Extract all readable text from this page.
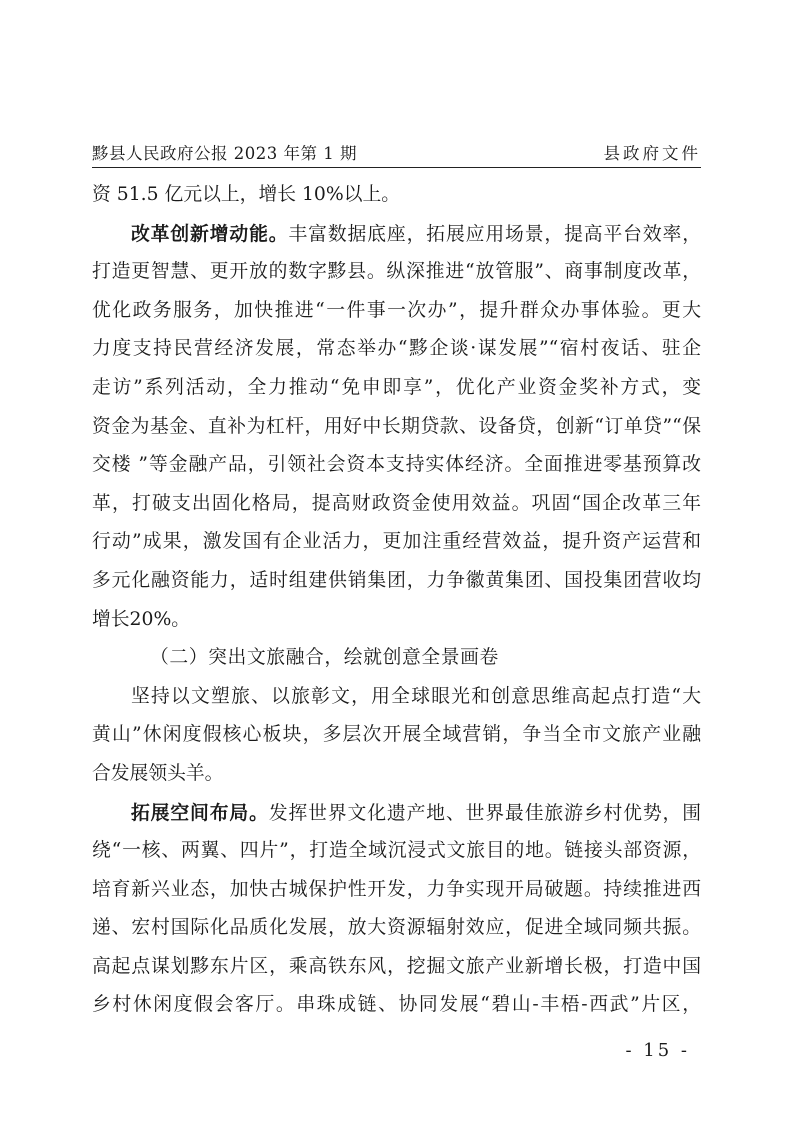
黟县人民政府公报 2023 年第 1 期	县政府文件
资 51.5 亿元以上，增长 10%以上。
改革创新增动能。丰富数据底座，拓展应用场景，提高平台效率，
打造更智慧、更开放的数字黟县。纵深推进“放管服”、商事制度改革，
优化政务服务，加快推进“一件事一次办”，提升群众办事体验。更大
力度支持民营经济发展，常态举办“黟企谈·谋发展”“宿村夜话、驻企
走访”系列活动，全力推动“免申即享”，优化产业资金奖补方式，变
资金为基金、直补为杠杆，用好中长期贷款、设备贷，创新“订单贷”“保
交楼 ”等金融产品，引领社会资本支持实体经济。全面推进零基预算改
革，打破支出固化格局，提高财政资金使用效益。巩固“国企改革三年
行动”成果，激发国有企业活力，更加注重经营效益，提升资产运营和
多元化融资能力，适时组建供销集团，力争徽黄集团、国投集团营收均
增长20%。
（二）突出文旅融合，绘就创意全景画卷
坚持以文塑旅、以旅彰文，用全球眼光和创意思维高起点打造“大
黄山”休闲度假核心板块，多层次开展全域营销，争当全市文旅产业融
合发展领头羊。
拓展空间布局。发挥世界文化遗产地、世界最佳旅游乡村优势，围
绕“一核、两翼、四片”，打造全域沉浸式文旅目的地。链接头部资源，
培育新兴业态，加快古城保护性开发，力争实现开局破题。持续推进西
递、宏村国际化品质化发展，放大资源辐射效应，促进全域同频共振。
高起点谋划黟东片区，乘高铁东风，挖掘文旅产业新增长极，打造中国
乡村休闲度假会客厅。串珠成链、协同发展“碧山-丰梧-西武”片区，
- 15 -
